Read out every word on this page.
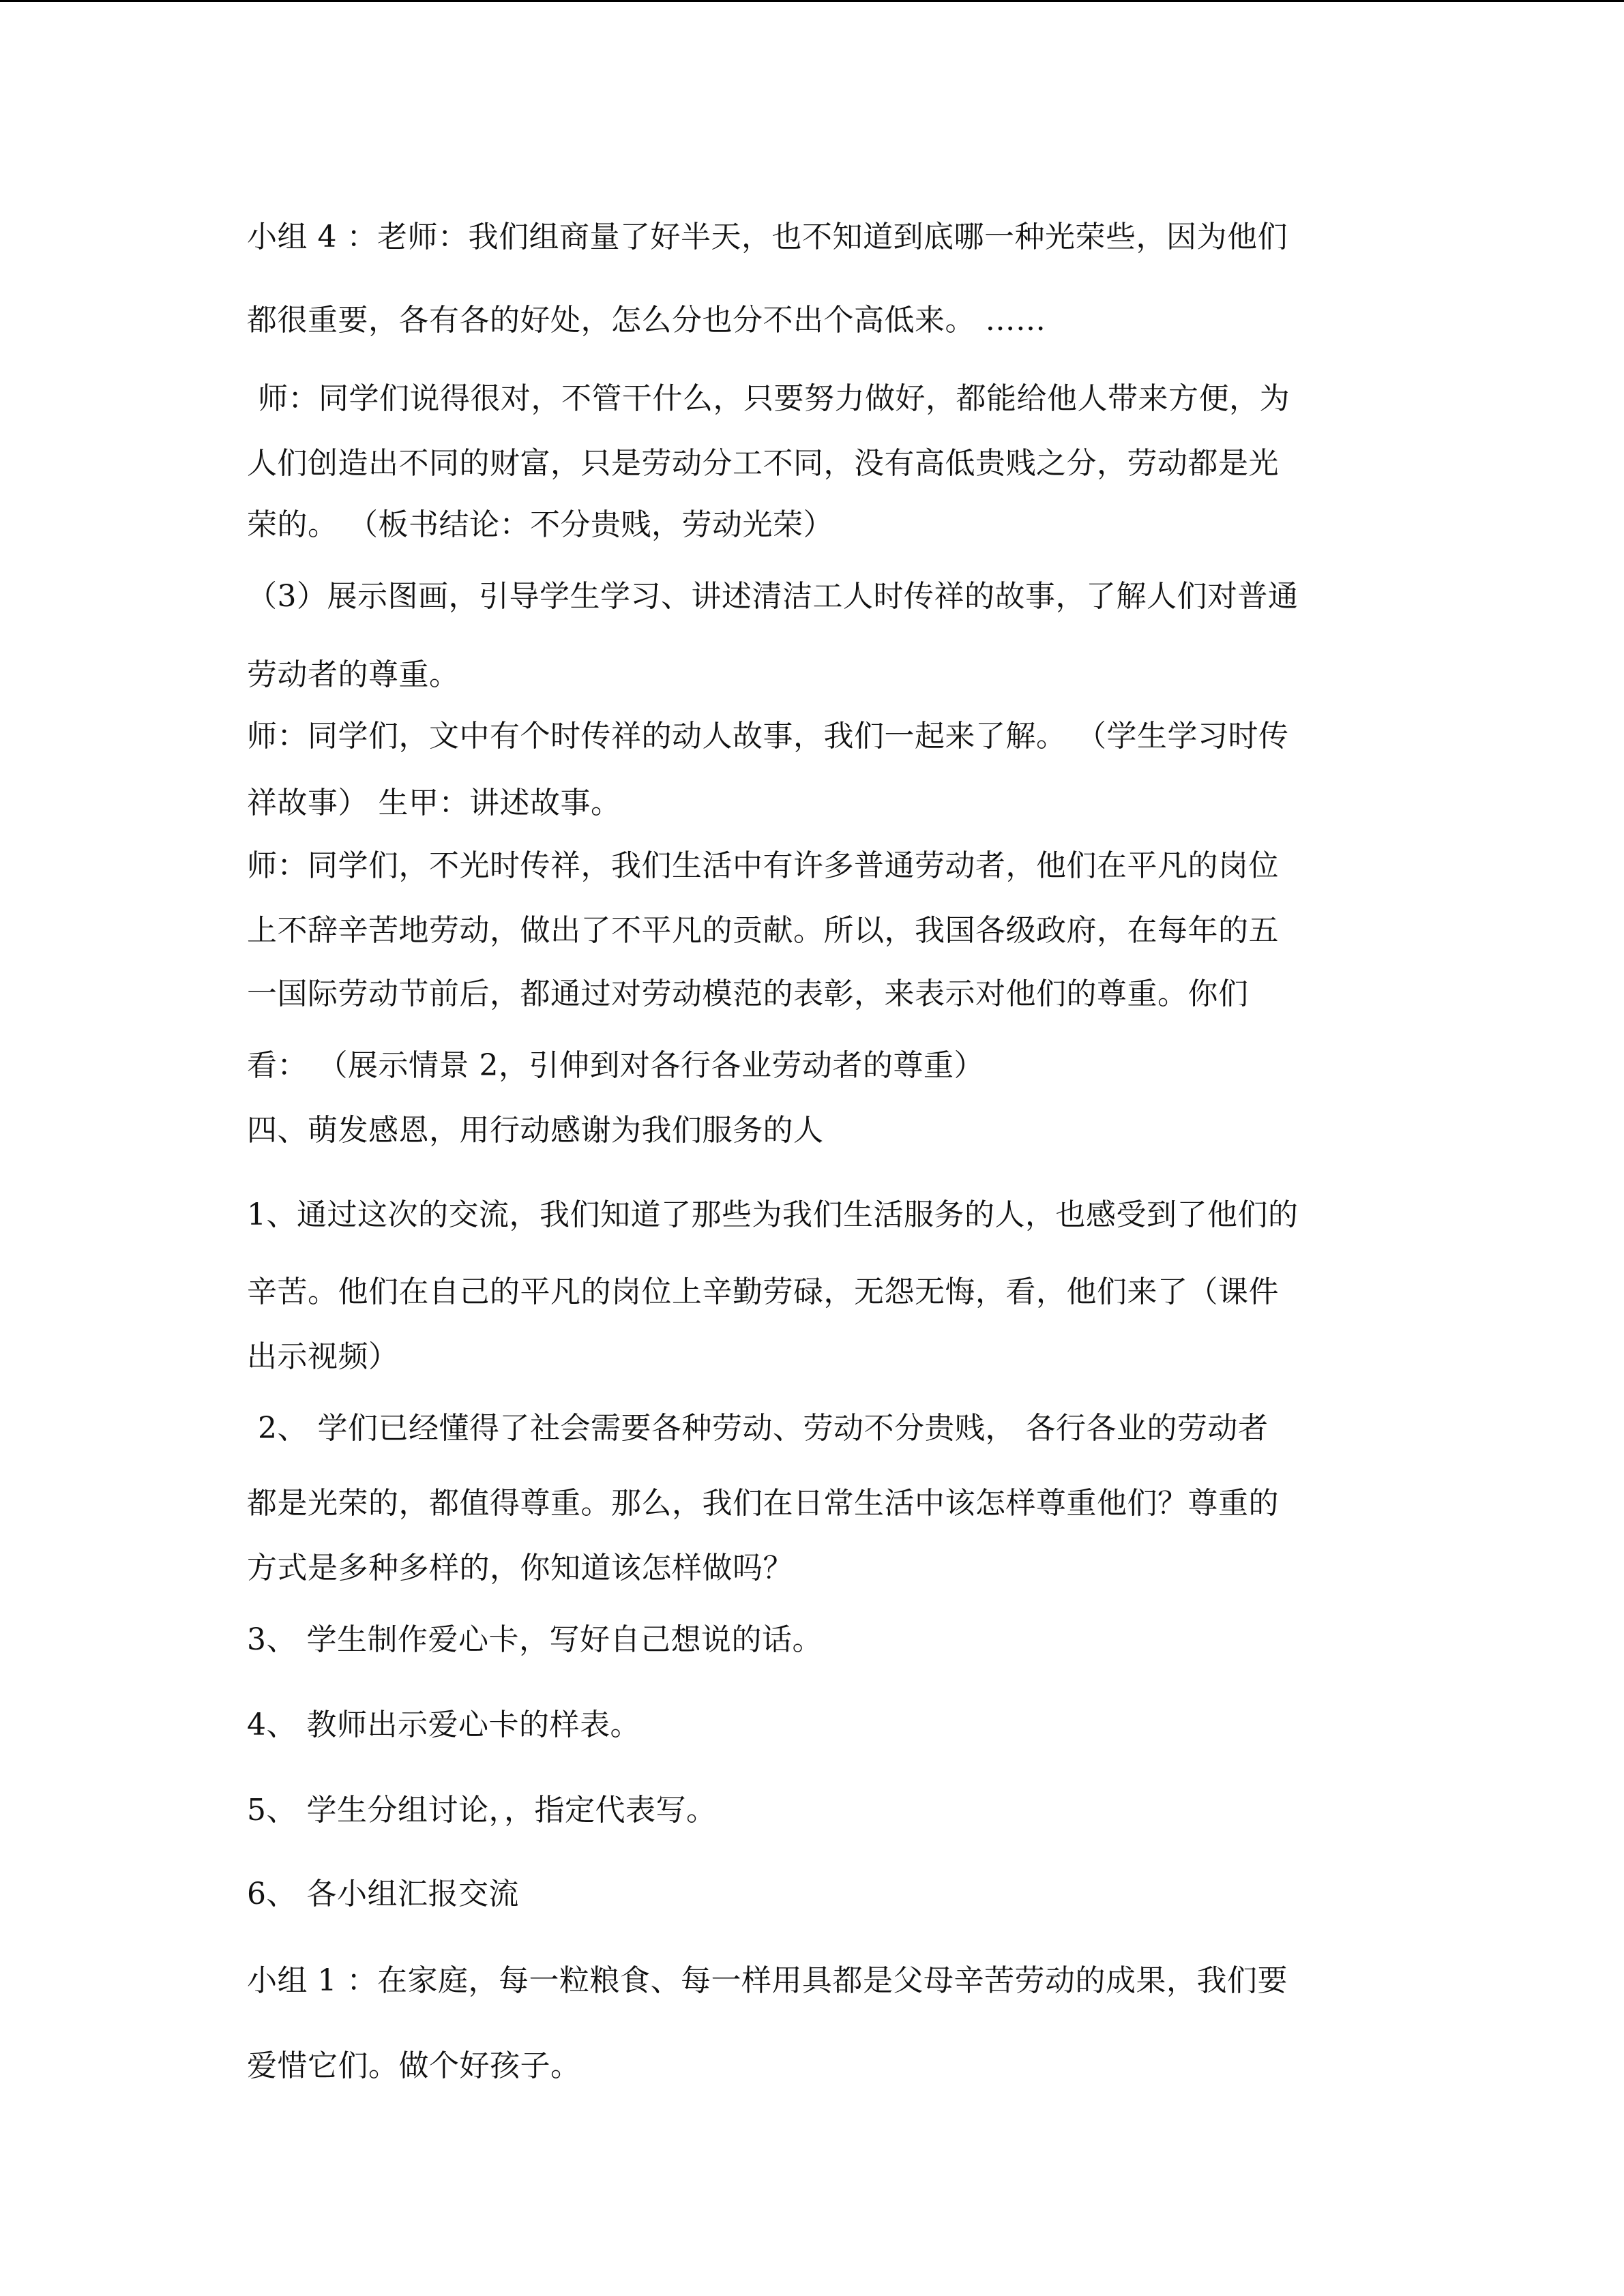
小组 4 ：老师：我们组商量了好半天，也不知道到底哪一种光荣些，因为他们
都很重要，各有各的好处，怎么分也分不出个高低来。 ……
师：同学们说得很对，不管干什么，只要努力做好，都能给他人带来方便，为
人们创造出不同的财富，只是劳动分工不同，没有高低贵贱之分，劳动都是光
荣的。 （板书结论：不分贵贱，劳动光荣）
（3）展示图画，引导学生学习、讲述清洁工人时传祥的故事，了解人们对普通
劳动者的尊重。
师：同学们，文中有个时传祥的动人故事，我们一起来了解。 （学生学习时传
祥故事） 生甲：讲述故事。
师：同学们，不光时传祥，我们生活中有许多普通劳动者，他们在平凡的岗位
上不辞辛苦地劳动，做出了不平凡的贡献。所以，我国各级政府，在每年的五
一国际劳动节前后，都通过对劳动模范的表彰，来表示对他们的尊重。你们
看： （展示情景 2，引伸到对各行各业劳动者的尊重）
四、萌发感恩，用行动感谢为我们服务的人
1、通过这次的交流，我们知道了那些为我们生活服务的人，也感受到了他们的
辛苦。他们在自己的平凡的岗位上辛勤劳碌，无怨无悔，看，他们来了（课件
出示视频）
2、 学们已经懂得了社会需要各种劳动、劳动不分贵贱， 各行各业的劳动者
都是光荣的，都值得尊重。那么，我们在日常生活中该怎样尊重他们？尊重的
方式是多种多样的，你知道该怎样做吗？
3、 学生制作爱心卡，写好自己想说的话。
4、 教师出示爱心卡的样表。
5、 学生分组讨论，，指定代表写。
6、 各小组汇报交流
小组 1 ：在家庭，每一粒粮食、每一样用具都是父母辛苦劳动的成果，我们要
爱惜它们。做个好孩子。
